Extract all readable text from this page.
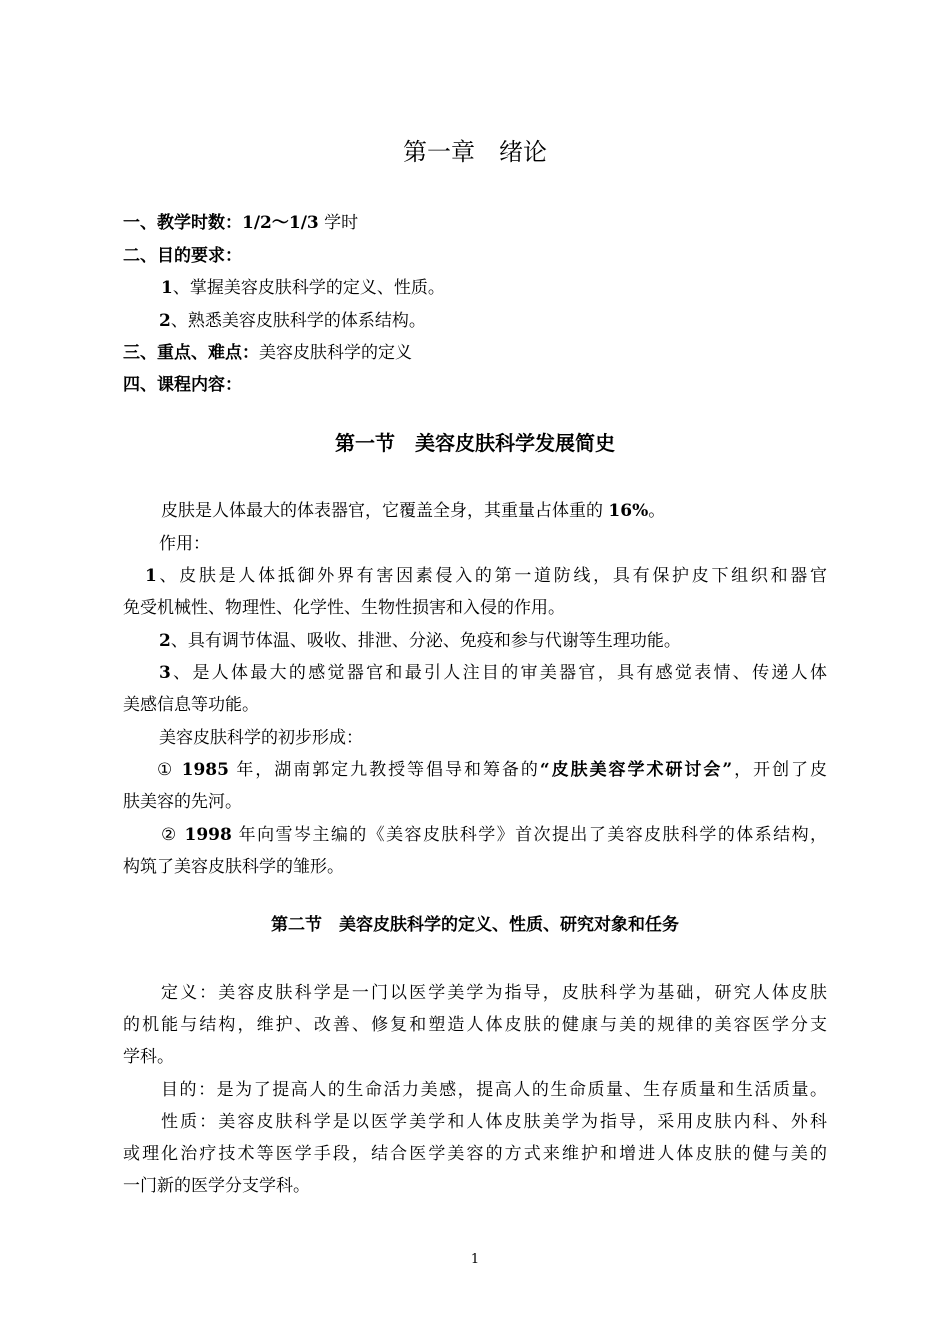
第一章　绪论
一、教学时数：1/2～1/3 学时
二、目的要求：
1、掌握美容皮肤科学的定义、性质。
2、熟悉美容皮肤科学的体系结构。
三、重点、难点：美容皮肤科学的定义
四、课程内容：
第一节　美容皮肤科学发展简史
皮肤是人体最大的体表器官，它覆盖全身，其重量占体重的 16%。
作用：
1、皮肤是人体抵御外界有害因素侵入的第一道防线，具有保护皮下组织和器官
免受机械性、物理性、化学性、生物性损害和入侵的作用。
2、具有调节体温、吸收、排泄、分泌、免疫和参与代谢等生理功能。
3、是人体最大的感觉器官和最引人注目的审美器官，具有感觉表情、传递人体
美感信息等功能。
美容皮肤科学的初步形成：
① 1985 年，湖南郭定九教授等倡导和筹备的“皮肤美容学术研讨会”，开创了皮
肤美容的先河。
② 1998 年向雪岑主编的《美容皮肤科学》首次提出了美容皮肤科学的体系结构，
构筑了美容皮肤科学的雏形。
第二节　美容皮肤科学的定义、性质、研究对象和任务
定义：美容皮肤科学是一门以医学美学为指导，皮肤科学为基础，研究人体皮肤
的机能与结构，维护、改善、修复和塑造人体皮肤的健康与美的规律的美容医学分支
学科。
目的：是为了提高人的生命活力美感，提高人的生命质量、生存质量和生活质量。
性质：美容皮肤科学是以医学美学和人体皮肤美学为指导，采用皮肤内科、外科
或理化治疗技术等医学手段，结合医学美容的方式来维护和增进人体皮肤的健与美的
一门新的医学分支学科。
1
